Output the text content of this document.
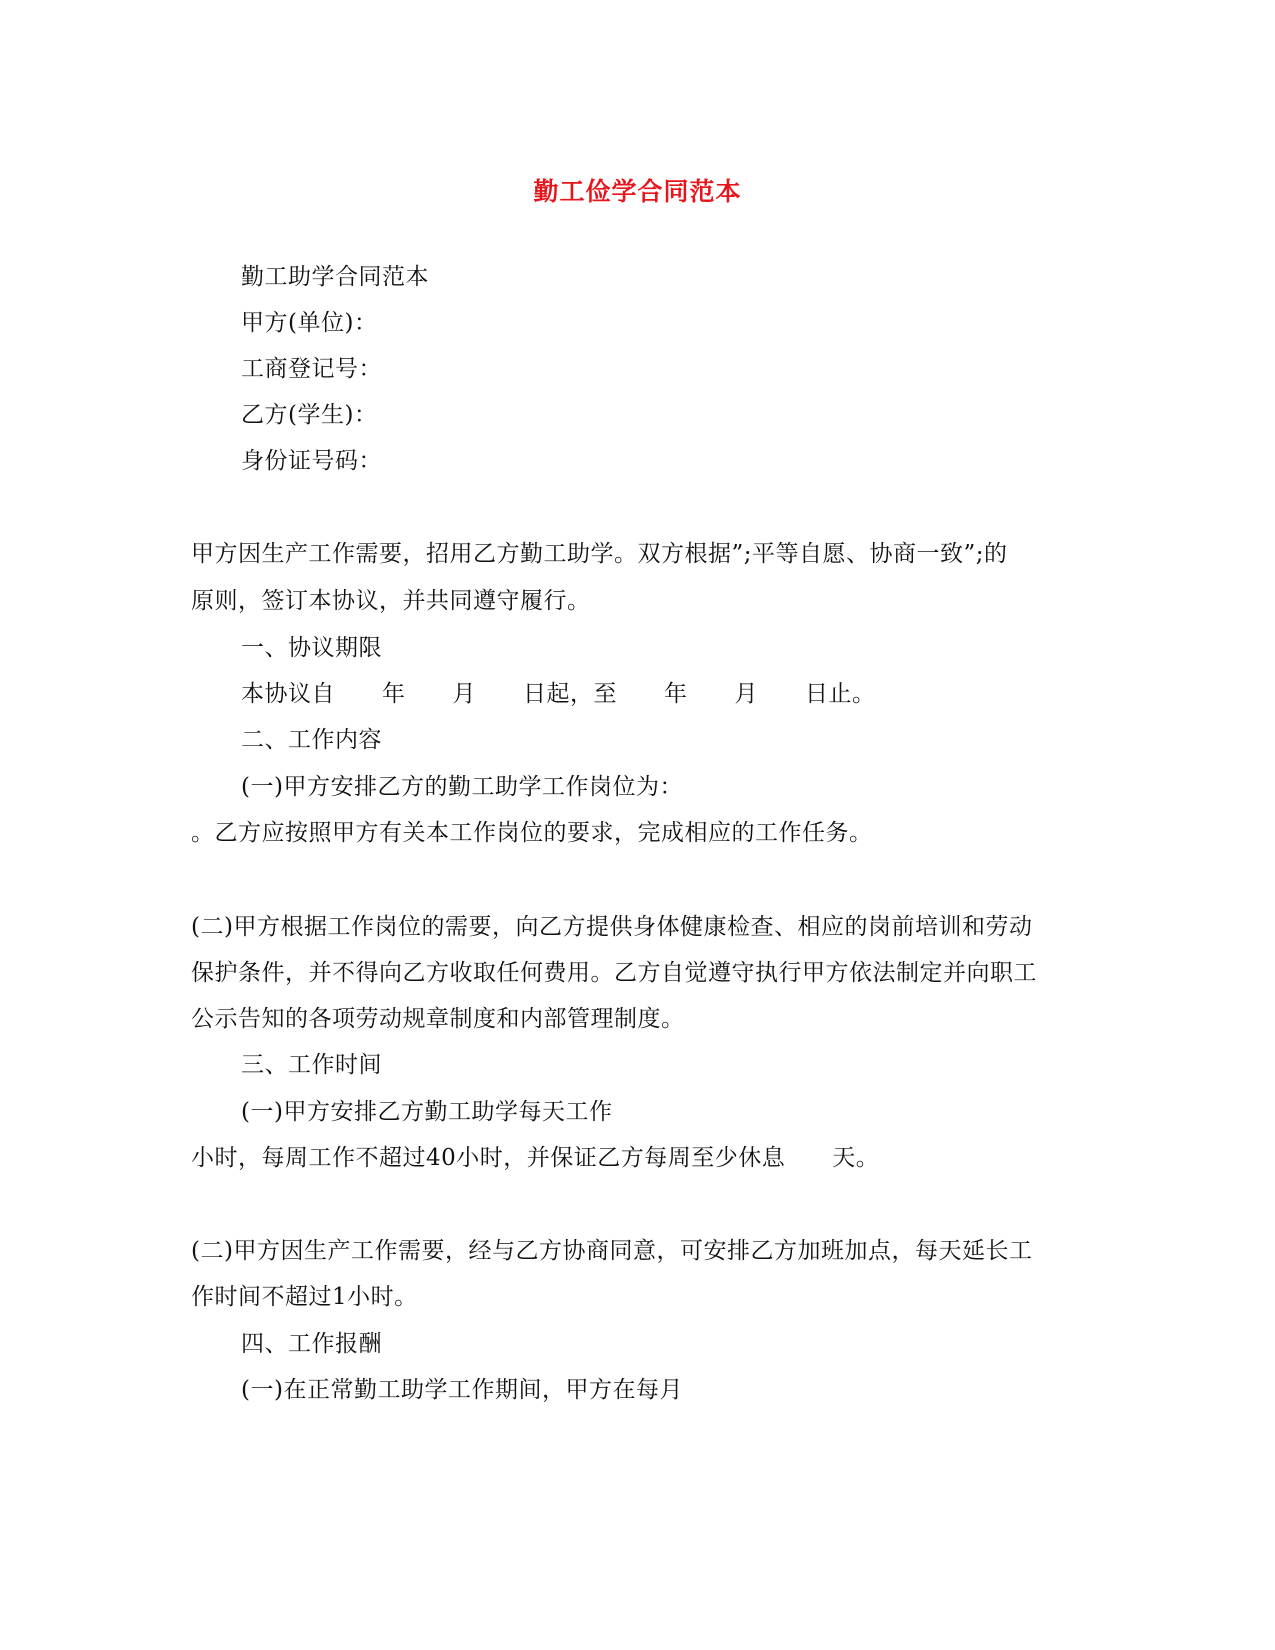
勤工俭学合同范本
勤工助学合同范本
甲方(单位)：
工商登记号：
乙方(学生)：
身份证号码：
甲方因生产工作需要，招用乙方勤工助学。双方根据”;平等自愿、协商一致”;的
原则，签订本协议，并共同遵守履行。
一、协议期限
本协议自　　年　　月　　日起，至　　年　　月　　日止。
二、工作内容
(一)甲方安排乙方的勤工助学工作岗位为：
。乙方应按照甲方有关本工作岗位的要求，完成相应的工作任务。
(二)甲方根据工作岗位的需要，向乙方提供身体健康检查、相应的岗前培训和劳动
保护条件，并不得向乙方收取任何费用。乙方自觉遵守执行甲方依法制定并向职工
公示告知的各项劳动规章制度和内部管理制度。
三、工作时间
(一)甲方安排乙方勤工助学每天工作
小时，每周工作不超过40小时，并保证乙方每周至少休息　　天。
(二)甲方因生产工作需要，经与乙方协商同意，可安排乙方加班加点，每天延长工
作时间不超过1小时。
四、工作报酬
(一)在正常勤工助学工作期间，甲方在每月
